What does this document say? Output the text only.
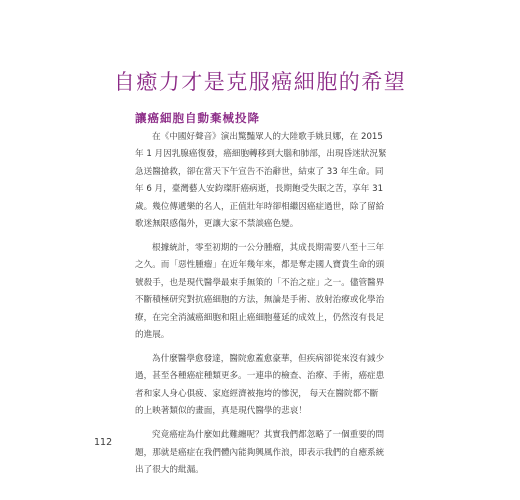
自癒力才是克服癌細胞的希望
讓癌細胞自動棄械投降

在《中國好聲音》演出驚豔眾人的大陸歌手姚貝娜，在 2015
年 1 月因乳腺癌復發，癌細胞轉移到大腦和肺部，出現昏迷狀況緊
急送醫搶救，卻在當天下午宣告不治辭世，結束了 33 年生命。同
年 6 月，臺灣藝人安鈞璨肝癌病逝，長期飽受失眠之苦，享年 31
歲。幾位傳遞樂的名人，正值壯年時卻相繼因癌症過世，除了留給
歌迷無限感傷外，更讓大家不禁談癌色變。

根據統計，零至初期的一公分腫瘤，其成長期需要八至十三年
之久。而「惡性腫瘤」在近年幾年來，都是奪走國人寶貴生命的頭
號殺手，也是現代醫學最束手無策的「不治之症」之一。儘管醫界
不斷積極研究對抗癌細胞的方法，無論是手術、放射治療或化學治
療，在完全消滅癌細胞和阻止癌細胞蔓延的成效上，仍然沒有長足
的進展。

為什麼醫學愈發達，醫院愈蓋愈豪華，但疾病卻從來沒有減少
過，甚至各種癌症種類更多。一連串的檢查、治療、手術，癌症患
者和家人身心俱疲、家庭經濟被拖垮的慘況， 每天在醫院都不斷
的上映著類似的畫面，真是現代醫學的悲哀！

究竟癌症為什麼如此難纏呢？其實我們都忽略了一個重要的問
題，那就是癌症在我們體內能夠興風作浪，即表示我們的自癒系統
出了很大的紕漏。

112
